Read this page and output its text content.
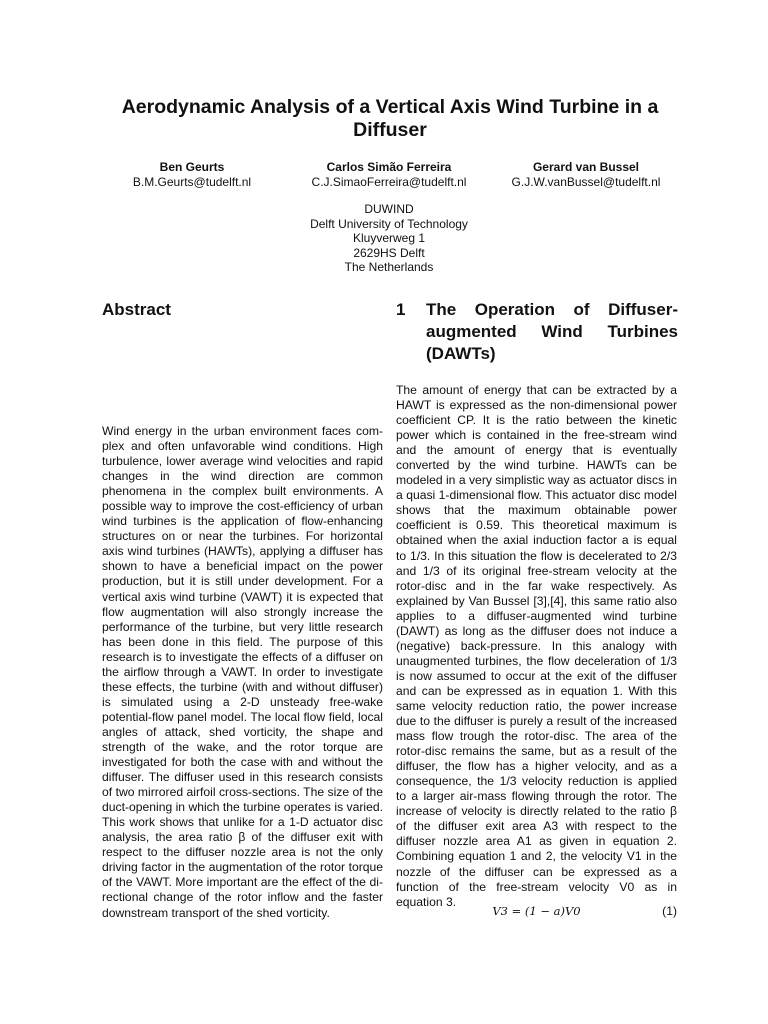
Aerodynamic Analysis of a Vertical Axis Wind Turbine in a Diffuser
Ben Geurts
B.M.Geurts@tudelft.nl
Carlos Simão Ferreira
C.J.SimaoFerreira@tudelft.nl
Gerard van Bussel
G.J.W.vanBussel@tudelft.nl
DUWIND
Delft University of Technology
Kluyverweg 1
2629HS Delft
The Netherlands
Abstract	1 The Operation of Diffuser-augmented Wind Turbines (DAWTs)

Wind energy in the urban environment faces complex and often unfavorable wind conditions. High turbulence, lower average wind velocities and rapid changes in the wind direction are common phenomena in the complex built environments. A possible way to improve the cost-efficiency of urban wind turbines is the application of flow-enhancing structures on or near the turbines. For horizontal axis wind turbines (HAWTs), applying a diffuser has shown to have a beneficial impact on the power production, but it is still under development. For a vertical axis wind turbine (VAWT) it is expected that flow augmentation will also strongly increase the performance of the turbine, but very little research has been done in this field. The purpose of this research is to investigate the effects of a diffuser on the airflow through a VAWT. In order to investigate these effects, the turbine (with and without diffuser) is simulated using a 2-D unsteady free-wake potential-flow panel model. The local flow field, local angles of attack, shed vorticity, the shape and strength of the wake, and the rotor torque are investigated for both the case with and without the diffuser. The diffuser used in this research consists of two mirrored airfoil cross-sections. The size of the duct-opening in which the turbine operates is varied. This work shows that unlike for a 1-D actuator disc analysis, the area ratio β of the diffuser exit with respect to the diffuser nozzle area is not the only driving factor in the augmentation of the rotor torque of the VAWT. More important are the effect of the directional change of the rotor inflow and the faster downstream transport of the shed vorticity.

The amount of energy that can be extracted by a HAWT is expressed as the non-dimensional power coefficient CP. It is the ratio between the kinetic power which is contained in the free-stream wind and the amount of energy that is eventually converted by the wind turbine. HAWTs can be modeled in a very simplistic way as actuator discs in a quasi 1-dimensional flow. This actuator disc model shows that the maximum obtainable power coefficient is 0.59. This theoretical maximum is obtained when the axial induction factor a is equal to 1/3. In this situation the flow is decelerated to 2/3 and 1/3 of its original free-stream velocity at the rotor-disc and in the far wake respectively. As explained by Van Bussel [3],[4], this same ratio also applies to a diffuser-augmented wind turbine (DAWT) as long as the diffuser does not induce a (negative) back-pressure. In this analogy with unaugmented turbines, the flow deceleration of 1/3 is now assumed to occur at the exit of the diffuser and can be expressed as in equation 1. With this same velocity reduction ratio, the power increase due to the diffuser is purely a result of the increased mass flow trough the rotor-disc. The area of the rotor-disc remains the same, but as a result of the diffuser, the flow has a higher velocity, and as a consequence, the 1/3 velocity reduction is applied to a larger air-mass flowing through the rotor. The increase of velocity is directly related to the ratio β of the diffuser exit area A3 with respect to the diffuser nozzle area A1 as given in equation 2. Combining equation 1 and 2, the velocity V1 in the nozzle of the diffuser can be expressed as a function of the free-stream velocity V0 as in equation 3.

V3 = (1 − a)V0	(1)
